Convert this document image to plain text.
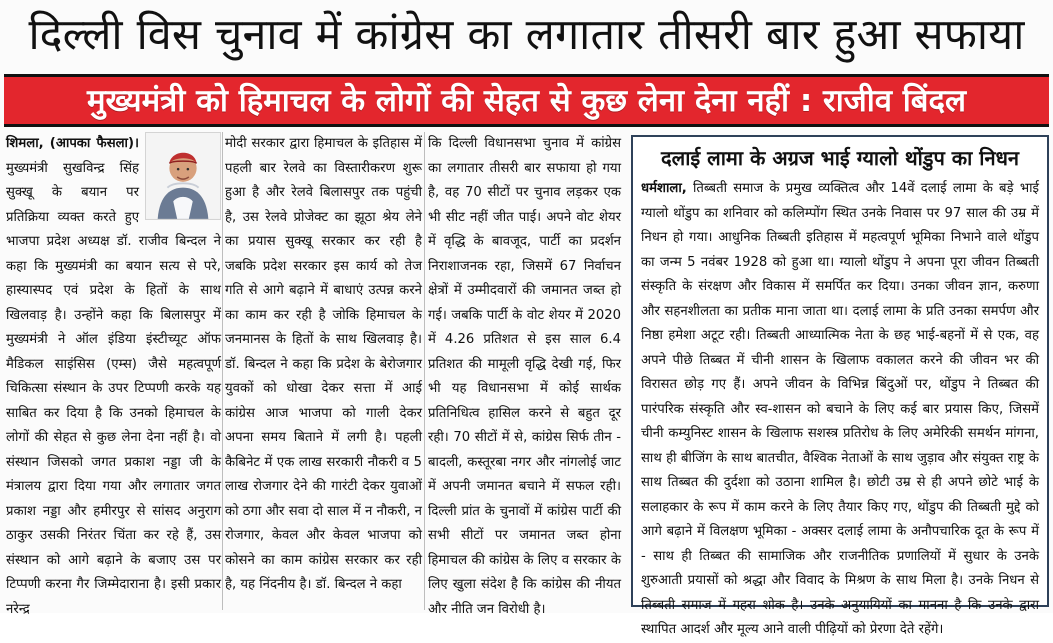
दिल्ली विस चुनाव में कांग्रेस का लगातार तीसरी बार हुआ सफाया
मुख्यमंत्री को हिमाचल के लोगों की सेहत से कुछ लेना देना नहीं : राजीव बिंदल

शिमला, (आपका फैसला)।
मुख्यमंत्री सुखविन्द्र सिंह सुक्खू के बयान पर प्रतिक्रिया व्यक्त करते हुए भाजपा प्रदेश अध्यक्ष डॉ. राजीव बिन्दल ने कहा कि मुख्यमंत्री का बयान सत्य से परे, हास्यास्पद एवं प्रदेश के हितों के साथ खिलवाड़ है। उन्होंने कहा कि बिलासपुर में मुख्यमंत्री ने ऑल इंडिया इंस्टीच्यूट ऑफ मैडिकल साइंसिस (एम्स) जैसे महत्वपूर्ण चिकित्सा संस्थान के उपर टिप्पणी करके यह साबित कर दिया है कि उनको हिमाचल के लोगों की सेहत से कुछ लेना देना नहीं है। वो संस्थान जिसको जगत प्रकाश नड्डा जी के मंत्रालय द्वारा दिया गया और लगातार जगत प्रकाश नड्डा और हमीरपुर से सांसद अनुराग ठाकुर उसकी निरंतर चिंता कर रहे हैं, उस संस्थान को आगे बढ़ाने के बजाए उस पर टिप्पणी करना गैर जिम्मेदाराना है। इसी प्रकार नरेन्द्र

मोदी सरकार द्वारा हिमाचल के इतिहास में पहली बार रेलवे का विस्तारीकरण शुरू हुआ है और रेलवे बिलासपुर तक पहुंची है, उस रेलवे प्रोजेक्ट का झूठा श्रेय लेने का प्रयास सुक्खू सरकार कर रही है जबकि प्रदेश सरकार इस कार्य को तेज गति से आगे बढ़ाने में बाधाएं उत्पन्न करने का काम कर रही है जोकि हिमाचल के जनमानस के हितों के साथ खिलवाड़ है। डॉ. बिन्दल ने कहा कि प्रदेश के बेरोजगार युवकों को धोखा देकर सत्ता में आई कांग्रेस आज भाजपा को गाली देकर अपना समय बिताने में लगी है। पहली कैबिनेट में एक लाख सरकारी नौकरी व 5 लाख रोजगार देने की गारंटी देकर युवाओं को ठगा और सवा दो साल में न नौकरी, न रोजगार, केवल और केवल भाजपा को कोसने का काम कांग्रेस सरकार कर रही है, यह निंदनीय है। डॉ. बिन्दल ने कहा

कि दिल्ली विधानसभा चुनाव में कांग्रेस का लगातार तीसरी बार सफाया हो गया है, वह 70 सीटों पर चुनाव लड़कर एक भी सीट नहीं जीत पाई। अपने वोट शेयर में वृद्धि के बावजूद, पार्टी का प्रदर्शन निराशाजनक रहा, जिसमें 67 निर्वाचन क्षेत्रों में उम्मीदवारों की जमानत जब्त हो गई। जबकि पार्टी के वोट शेयर में 2020 में 4.26 प्रतिशत से इस साल 6.4 प्रतिशत की मामूली वृद्धि देखी गई, फिर भी यह विधानसभा में कोई सार्थक प्रतिनिधित्व हासिल करने से बहुत दूर रही। 70 सीटों में से, कांग्रेस सिर्फ तीन - बादली, कस्तूरबा नगर और नांगलोई जाट में अपनी जमानत बचाने में सफल रही। दिल्ली प्रांत के चुनावों में कांग्रेस पार्टी की सभी सीटों पर जमानत जब्त होना हिमाचल की कांग्रेस के लिए व सरकार के लिए खुला संदेश है कि कांग्रेस की नीयत और नीति जन विरोधी है।

दलाई लामा के अग्रज भाई ग्यालो थोंडुप का निधन

धर्मशाला, तिब्बती समाज के प्रमुख व्यक्तित्व और 14वें दलाई लामा के बड़े भाई ग्यालो थोंडुप का शनिवार को कलिम्पोंग स्थित उनके निवास पर 97 साल की उम्र में निधन हो गया। आधुनिक तिब्बती इतिहास में महत्वपूर्ण भूमिका निभाने वाले थोंडुप का जन्म 5 नवंबर 1928 को हुआ था। ग्यालो थोंडुप ने अपना पूरा जीवन तिब्बती संस्कृति के संरक्षण और विकास में समर्पित कर दिया। उनका जीवन ज्ञान, करुणा और सहनशीलता का प्रतीक माना जाता था। दलाई लामा के प्रति उनका समर्पण और निष्ठा हमेशा अटूट रही। तिब्बती आध्यात्मिक नेता के छह भाई-बहनों में से एक, वह अपने पीछे तिब्बत में चीनी शासन के खिलाफ वकालत करने की जीवन भर की विरासत छोड़ गए हैं। अपने जीवन के विभिन्न बिंदुओं पर, थोंडुप ने तिब्बत की पारंपरिक संस्कृति और स्व-शासन को बचाने के लिए कई बार प्रयास किए, जिसमें चीनी कम्युनिस्ट शासन के खिलाफ सशस्त्र प्रतिरोध के लिए अमेरिकी समर्थन मांगना, साथ ही बीजिंग के साथ बातचीत, वैश्विक नेताओं के साथ जुड़ाव और संयुक्त राष्ट्र के साथ तिब्बत की दुर्दशा को उठाना शामिल है। छोटी उम्र से ही अपने छोटे भाई के सलाहकार के रूप में काम करने के लिए तैयार किए गए, थोंडुप की तिब्बती मुद्दे को आगे बढ़ाने में विलक्षण भूमिका - अक्सर दलाई लामा के अनौपचारिक दूत के रूप में - साथ ही तिब्बत की सामाजिक और राजनीतिक प्रणालियों में सुधार के उनके शुरुआती प्रयासों को श्रद्धा और विवाद के मिश्रण के साथ मिला है। उनके निधन से तिब्बती समाज में गहरा शोक है। उनके अनुयायियों का मानना है कि उनके द्वारा स्थापित आदर्श और मूल्य आने वाली पीढ़ियों को प्रेरणा देते रहेंगे।
